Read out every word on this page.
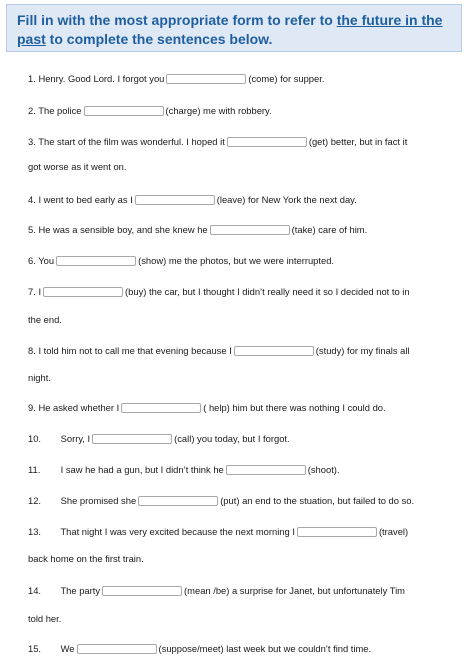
Fill in with the most appropriate form to refer to the future in the
past to complete the sentences below.
1. Henry. Good Lord. I forgot you	(come) for supper.
2. The police	(charge) me with robbery.
3. The start of the film was wonderful. I hoped it	(get) better, but in fact it
got worse as it went on.
4. I went to bed early as I	(leave) for New York the next day.
5. He was a sensible boy, and she knew he	(take) care of him.
6. You	(show) me the photos, but we were interrupted.
7. I	(buy) the car, but I thought I didn’t really need it so I decided not to in
the end.
8. I told him not to call me that evening because I	(study) for my finals all
night.
9. He asked whether I	( help) him but there was nothing I could do.
10. Sorry, I	(call) you today, but I forgot.
11. I saw he had a gun, but I didn’t think he	(shoot).
12. She promised she	(put) an end to the stuation, but failed to do so.
13. That night I was very excited because the next morning I	(travel)
back home on the first train.
14. The party	(mean /be) a surprise for Janet, but unfortunately Tim
told her.
15. We	(suppose/meet) last week but we couldn’t find time.
